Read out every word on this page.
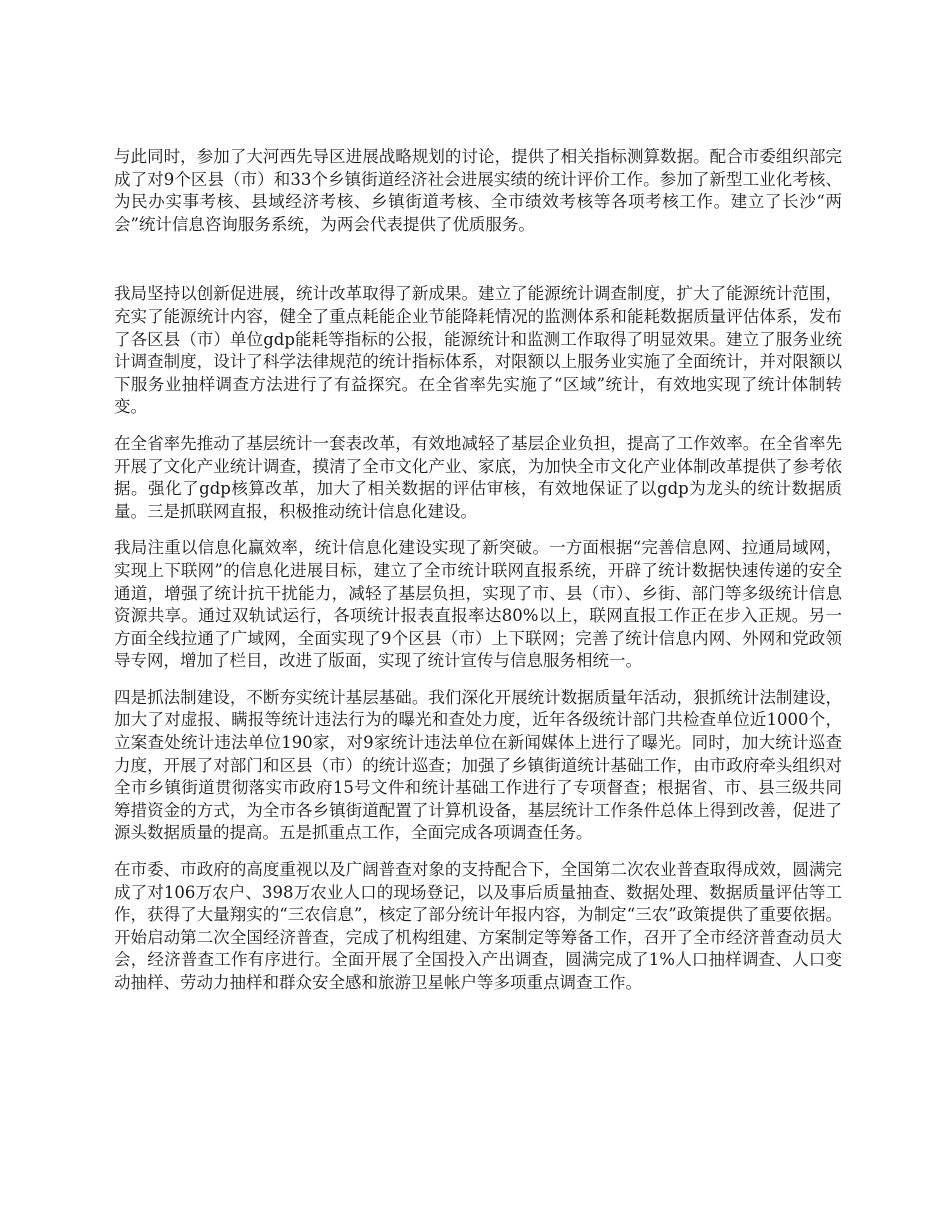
与此同时，参加了大河西先导区进展战略规划的讨论，提供了相关指标测算数据。配合市委组织部完成了对9个区县（市）和33个乡镇街道经济社会进展实绩的统计评价工作。参加了新型工业化考核、为民办实事考核、县域经济考核、乡镇街道考核、全市绩效考核等各项考核工作。建立了长沙“两会”统计信息咨询服务系统，为两会代表提供了优质服务。

我局坚持以创新促进展，统计改革取得了新成果。建立了能源统计调查制度，扩大了能源统计范围，充实了能源统计内容，健全了重点耗能企业节能降耗情况的监测体系和能耗数据质量评估体系，发布了各区县（市）单位gdp能耗等指标的公报，能源统计和监测工作取得了明显效果。建立了服务业统计调查制度，设计了科学法律规范的统计指标体系，对限额以上服务业实施了全面统计，并对限额以下服务业抽样调查方法进行了有益探究。在全省率先实施了“区域”统计，有效地实现了统计体制转变。

在全省率先推动了基层统计一套表改革，有效地减轻了基层企业负担，提高了工作效率。在全省率先开展了文化产业统计调查，摸清了全市文化产业、家底，为加快全市文化产业体制改革提供了参考依据。强化了gdp核算改革，加大了相关数据的评估审核，有效地保证了以gdp为龙头的统计数据质量。三是抓联网直报，积极推动统计信息化建设。

我局注重以信息化赢效率，统计信息化建设实现了新突破。一方面根据“完善信息网、拉通局域网，实现上下联网”的信息化进展目标，建立了全市统计联网直报系统，开辟了统计数据快速传递的安全通道，增强了统计抗干扰能力，减轻了基层负担，实现了市、县（市）、乡街、部门等多级统计信息资源共享。通过双轨试运行，各项统计报表直报率达80%以上，联网直报工作正在步入正规。另一方面全线拉通了广域网，全面实现了9个区县（市）上下联网；完善了统计信息内网、外网和党政领导专网，增加了栏目，改进了版面，实现了统计宣传与信息服务相统一。

四是抓法制建设，不断夯实统计基层基础。我们深化开展统计数据质量年活动，狠抓统计法制建设，加大了对虚报、瞒报等统计违法行为的曝光和查处力度，近年各级统计部门共检查单位近1000个，立案查处统计违法单位190家，对9家统计违法单位在新闻媒体上进行了曝光。同时，加大统计巡查力度，开展了对部门和区县（市）的统计巡查；加强了乡镇街道统计基础工作，由市政府牵头组织对全市乡镇街道贯彻落实市政府15号文件和统计基础工作进行了专项督查；根据省、市、县三级共同筹措资金的方式，为全市各乡镇街道配置了计算机设备，基层统计工作条件总体上得到改善，促进了源头数据质量的提高。五是抓重点工作，全面完成各项调查任务。

在市委、市政府的高度重视以及广阔普查对象的支持配合下，全国第二次农业普查取得成效，圆满完成了对106万农户、398万农业人口的现场登记，以及事后质量抽查、数据处理、数据质量评估等工作，获得了大量翔实的“三农信息”，核定了部分统计年报内容，为制定“三农”政策提供了重要依据。开始启动第二次全国经济普查，完成了机构组建、方案制定等筹备工作，召开了全市经济普查动员大会，经济普查工作有序进行。全面开展了全国投入产出调查，圆满完成了1%人口抽样调查、人口变动抽样、劳动力抽样和群众安全感和旅游卫星帐户等多项重点调查工作。
